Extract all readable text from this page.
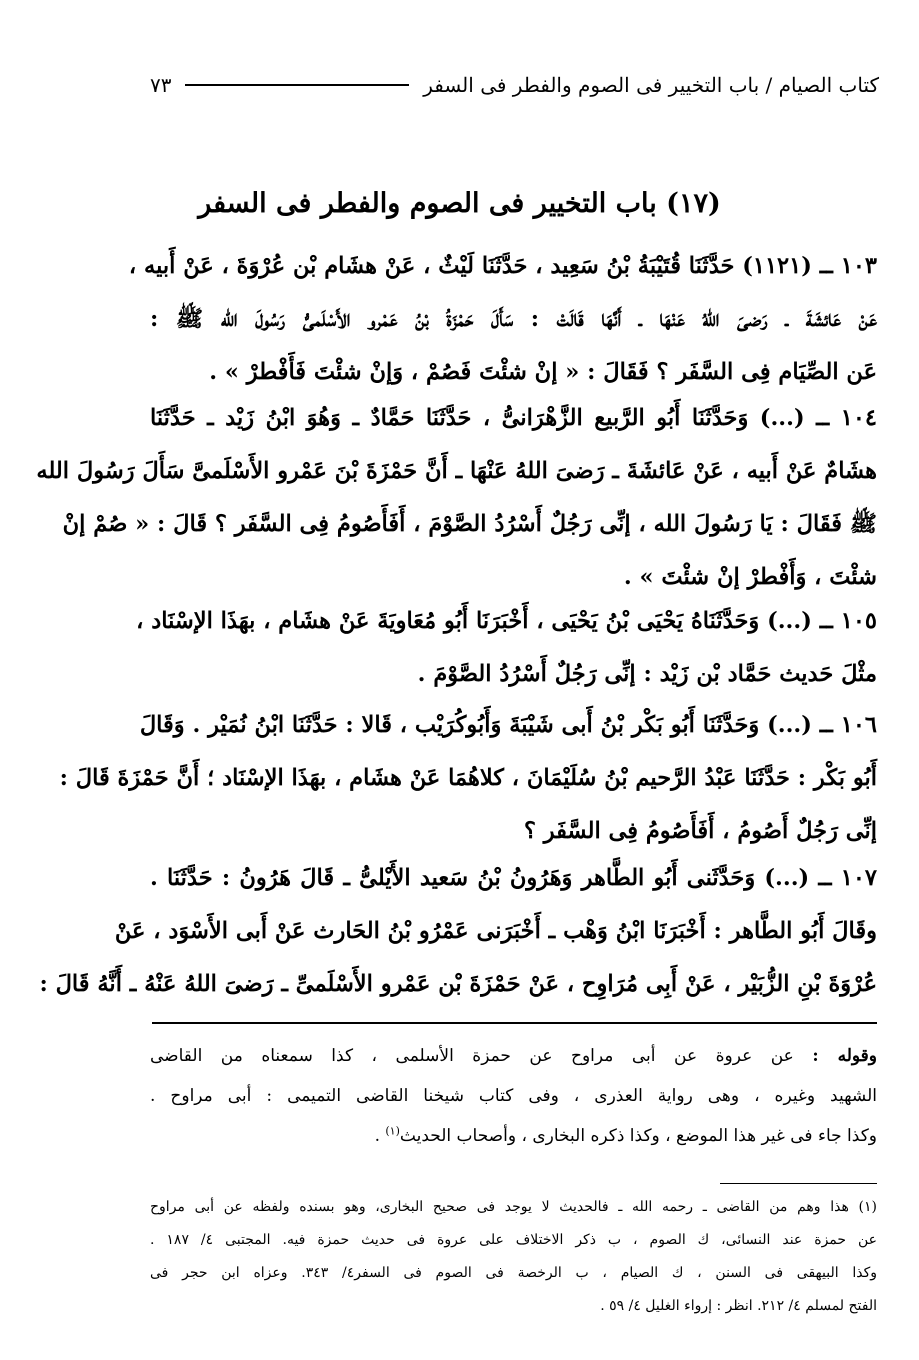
كتاب الصيام / باب التخيير فى الصوم والفطر فى السفر
٧٣
(١٧) باب التخيير فى الصوم والفطر فى السفر
١٠٣ ــ (١١٢١) حَدَّثَنَا قُتَيْبَةُ بْنُ سَعِيد ، حَدَّثَنَا لَيْثٌ ، عَنْ هشَام بْن عُرْوَةَ ، عَنْ أَبيه ،
عَنْ عَائشَةَ ـ رَضىَ اللهُ عَنْهَا ـ أَنَّهَا قَالَتْ : سَأَلَ حَمْزَةُ بْنُ عَمْرو الأَسْلَمىُّ رَسُولَ الله ﷺ :
عَن الصِّيَام فِى السَّفَر ؟ فَقَالَ : « إنْ شئْتَ فَصُمْ ، وَإنْ شئْتَ فَأَفْطرْ » .
١٠٤ ــ (...) وَحَدَّثَنَا أَبُو الرَّبيع الزَّهْرَانىُّ ، حَدَّثَنَا حَمَّادٌ ـ وَهُوَ ابْنُ زَيْد ـ حَدَّثَنَا
هشَامٌ عَنْ أَبيه ، عَنْ عَائشَةَ ـ رَضىَ اللهُ عَنْهَا ـ أَنَّ حَمْزَةَ بْنَ عَمْرو الأَسْلَمىَّ سَأَلَ رَسُولَ الله
ﷺ فَقَالَ : يَا رَسُولَ الله ، إنِّى رَجُلٌ أَسْرُدُ الصَّوْمَ ، أَفَأَصُومُ فِى السَّفَر ؟ قَالَ : « صُمْ إنْ
شئْتَ ، وَأَفْطرْ إنْ شئْتَ » .
١٠٥ ــ (...) وَحَدَّثَنَاهُ يَحْيَى بْنُ يَحْيَى ، أَخْبَرَنَا أَبُو مُعَاويَةَ عَنْ هشَام ، بهَذَا الإسْنَاد ،
مثْلَ حَديث حَمَّاد بْن زَيْد : إنِّى رَجُلٌ أَسْرُدُ الصَّوْمَ .
١٠٦ ــ (...) وَحَدَّثَنَا أَبُو بَكْر بْنُ أَبى شَيْبَةَ وَأَبُوكُرَيْب ، قَالا : حَدَّثَنَا ابْنُ نُمَيْر . وَقَالَ
أَبُو بَكْر : حَدَّثَنَا عَبْدُ الرَّحيم بْنُ سُلَيْمَانَ ، كلاهُمَا عَنْ هشَام ، بهَذَا الإسْنَاد ؛ أَنَّ حَمْزَةَ قَالَ :
إنِّى رَجُلٌ أَصُومُ ، أَفَأَصُومُ فِى السَّفَر ؟
١٠٧ ــ (...) وَحَدَّثَنى أَبُو الطَّاهر وَهَرُونُ بْنُ سَعيد الأَيْلىُّ ـ قَالَ هَرُونُ : حَدَّثَنَا .
وقَالَ أَبُو الطَّاهر : أَخْبَرَنَا ابْنُ وَهْب ـ أَخْبَرَنى عَمْرُو بْنُ الحَارث عَنْ أَبى الأَسْوَد ، عَنْ
عُرْوَةَ بْنِ الزُّبَيْر ، عَنْ أَبِى مُرَاوِح ، عَنْ حَمْزَةَ بْن عَمْرو الأَسْلَمىِّ ـ رَضىَ اللهُ عَنْهُ ـ أَنَّهُ قَالَ :
وقوله : عن عروة عن أبى مراوح عن حمزة الأسلمى ، كذا سمعناه من القاضى
الشهيد وغيره ، وهى رواية العذرى ، وفى كتاب شيخنا القاضى التميمى : أبى مراوح .
وكذا جاء فى غير هذا الموضع ، وكذا ذكره البخارى ، وأصحاب الحديث$^{(١)}$ .
(١) هذا وهم من القاضى ـ رحمه الله ـ فالحديث لا يوجد فى صحيح البخارى، وهو بسنده ولفظه عن أبى مراوح
عن حمزة عند النسائى، ك الصوم ، ب ذكر الاختلاف على عروة فى حديث حمزة فيه. المجتبى ٤/ ١٨٧ .
وكذا البيهقى فى السنن ، ك الصيام ، ب الرخصة فى الصوم فى السفر٤/ ٣٤٣. وعزاه ابن حجر فى
الفتح لمسلم ٤/ ٢١٢. انظر : إرواء الغليل ٤/ ٥٩ .
